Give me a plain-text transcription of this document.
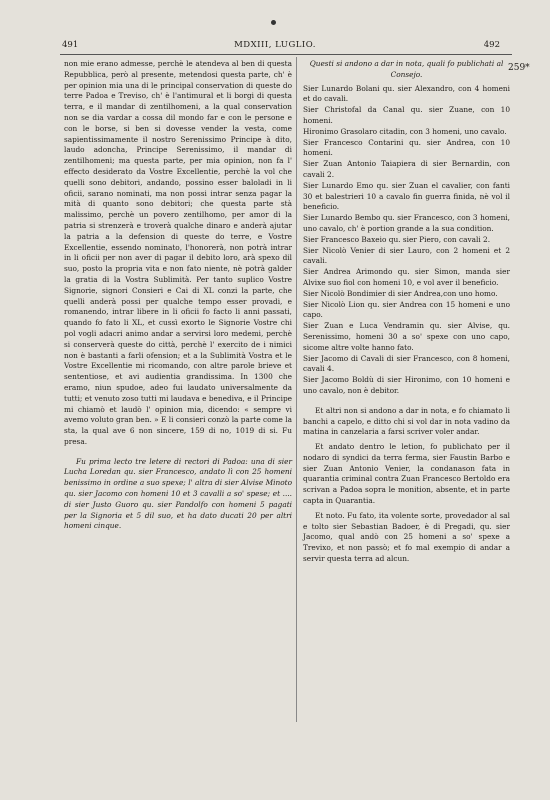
491	MDXIII, LUGLIO.	492
259*

non mie erano admesse, perchè le atendeva al ben di questa Repubblica, però al presente, metendosi questa parte, ch' è per opinion mia una di le principal conservation di queste do terre Padoa e Treviso, ch' è l'antimural et li borgi di questa terra, e il mandar di zentilhomeni, a la qual conservation non se dia vardar a cossa dil mondo far e con le persone e con le borse, si ben si dovesse vender la vesta, come sapientissimamente il nostro Serenissimo Principe à dito, laudo adoncha, Principe Serenissimo, il mandar di zentilhomeni; ma questa parte, per mia opinion, non fa l' effecto desiderato da Vostre Excellentie, perchè la vol che quelli sono debitori, andando, possino esser baloladi in li oficii, sarano nominati, ma non possi intrar senza pagar la mità di quanto sono debitori; che questa parte stà malissimo, perchè un povero zentilhomo, per amor di la patria si strenzerà e troverà qualche dinaro e anderà ajutar la patria a la defension di queste do terre, e Vostre Excellentie, essendo nominato, l'honorerà, non potrà intrar in li oficii per non aver di pagar il debito loro, arà spexo dil suo, posto la propria vita e non fato niente, nè potrà galder la gratia di la Vostra Sublimità. Per tanto suplico Vostre Signorie, signori Consieri e Cai di XL conzi la parte, che quelli anderà possi per qualche tempo esser provadi, e romanendo, intrar libere in li oficii fo facto li anni passati, quando fo fato li XL, et cussì exorto le Signorie Vostre chi pol vogli adacri animo andar a servirsi loro medemi, perchè si conserverà queste do città, perchè l' exercito de i nimici non è bastanti a farli ofension; et a la Sublimità Vostra et le Vostre Excellentie mi ricomando, con altre parole brieve et sententiose, et avi audientia grandissima. In 1300 che eramo, niun spudoe, adeo fui laudato universalmente da tutti; et venuto zoso tutti mi laudava e benediva, e il Principe mi chiamò et laudò l' opinion mia, dicendo: « sempre vi avemo voluto gran ben. » E li consieri conzò la parte come la sta, la qual ave 6 non sincere, 159 di no, 1019 di si. Fu presa.

Fu prima lecto tre letere di rectori di Padoa: una di sier Lucha Loredan qu. sier Francesco, andato lì con 25 homeni benissimo in ordine a suo spexe; l' altra di sier Alvise Minoto qu. sier Jacomo con homeni 10 et 3 cavalli a so' spese; et .... di sier Justo Guoro qu. sier Pandolfo con homeni 5 pagati per la Signoria et 5 dil suo, et ha dato ducati 20 per altri homeni cinque.

Questi si andono a dar in nota, quali fo publichati al Consejo.

Sier Lunardo Bolani qu. sier Alexandro, con 4 homeni et do cavali.

Sier Christofal da Canal qu. sier Zuane, con 10 homeni.

Hironimo Grasolaro citadin, con 3 homeni, uno cavalo.

Sier Francesco Contarini qu. sier Andrea, con 10 homeni.

Sier Zuan Antonio Taiapiera di sier Bernardin, con cavali 2.

Sier Lunardo Emo qu. sier Zuan el cavalier, con fanti 30 et balestrieri 10 a cavalo fin guerra finida, nè vol il beneficio.

Sier Lunardo Bembo qu. sier Francesco, con 3 homeni, uno cavalo, ch' è portion grande a la sua condition.

Sier Francesco Baxeio qu. sier Piero, con cavali 2.

Sier Nicolò Venier di sier Lauro, con 2 homeni et 2 cavali.

Sier Andrea Arimondo qu. sier Simon, manda sier Alvixe suo fiol con homeni 10, e vol aver il beneficio.

Sier Nicolò Bondimier di sier Andrea,con uno homo.

Sier Nicolò Lion qu. sier Andrea con 15 homeni e uno capo.

Sier Zuan e Luca Vendramin qu. sier Alvise, qu. Serenissimo, homeni 30 a so' spexe con uno capo, sicome altre volte hanno fato.

Sier Jacomo di Cavali di sier Francesco, con 8 homeni, cavali 4.

Sier Jacomo Boldù di sier Hironimo, con 10 homeni e uno cavalo, non è debitor.

Et altri non si andono a dar in nota, e fo chiamato li banchi a capelo, e ditto chi si vol dar in nota vadino da matina in canzelaria a farsi scriver voler andar.

Et andato dentro le letion, fo publichato per il nodaro di syndici da terra ferma, sier Faustin Barbo e sier Zuan Antonio Venier, la condanason fata in quarantia criminal contra Zuan Francesco Bertoldo era scrivan a Padoa sopra le monition, absente, et in parte capta in Quarantia.

Et noto. Fu fato, ita volente sorte, provedador al sal e tolto sier Sebastian Badoer, è di Pregadi, qu. sier Jacomo, qual andò con 25 homeni a so' spexe a Trevixo, et non passò; et fo mal exempio di andar a servir questa terra ad alcun.
